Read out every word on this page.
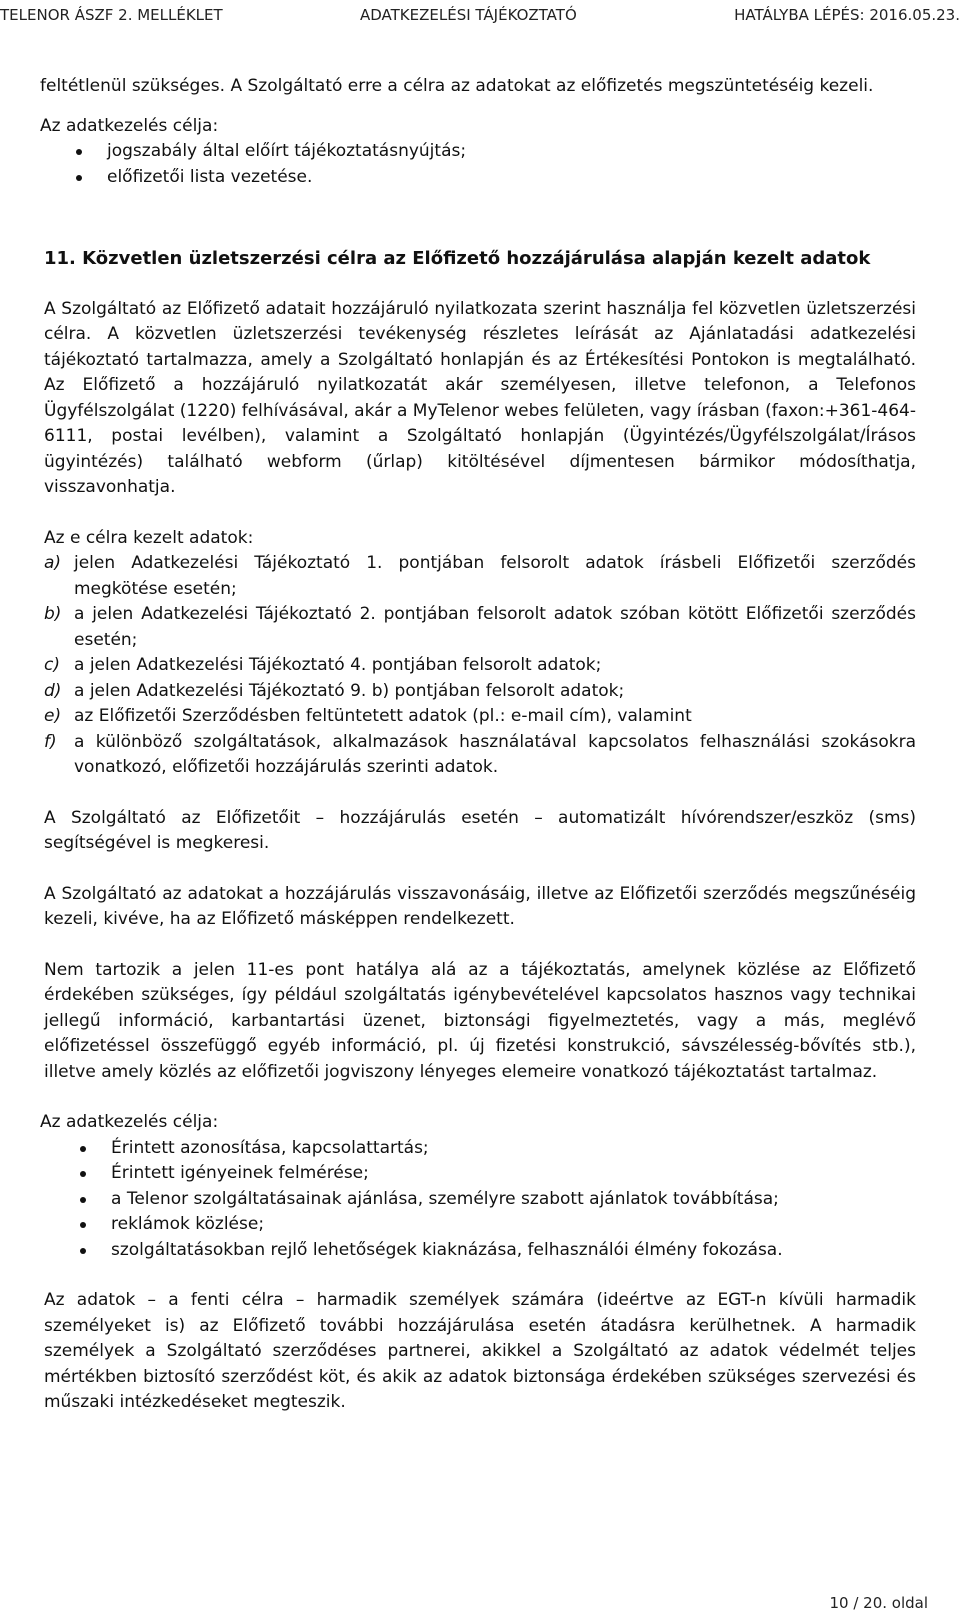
TELENOR ÁSZF 2. MELLÉKLET	ADATKEZELÉSI TÁJÉKOZTATÓ	HATÁLYBA LÉPÉS: 2016.05.23.

feltétlenül szükséges. A Szolgáltató erre a célra az adatokat az előfizetés megszüntetéséig kezeli.

Az adatkezelés célja:

jogszabály által előírt tájékoztatásnyújtás;
előfizetői lista vezetése.

11. Közvetlen üzletszerzési célra az Előfizető hozzájárulása alapján kezelt adatok

A Szolgáltató az Előfizető adatait hozzájáruló nyilatkozata szerint használja fel közvetlen üzletszerzési célra. A közvetlen üzletszerzési tevékenység részletes leírását az Ajánlatadási adatkezelési tájékoztató tartalmazza, amely a Szolgáltató honlapján és az Értékesítési Pontokon is megtalálható. Az Előfizető a hozzájáruló nyilatkozatát akár személyesen, illetve telefonon, a Telefonos Ügyfélszolgálat (1220) felhívásával, akár a MyTelenor webes felületen, vagy írásban (faxon:+361-464-6111, postai levélben), valamint a Szolgáltató honlapján (Ügyintézés/Ügyfélszolgálat/Írásos ügyintézés) található webform (űrlap) kitöltésével díjmentesen bármikor módosíthatja, visszavonhatja.

Az e célra kezelt adatok:

a) jelen Adatkezelési Tájékoztató 1. pontjában felsorolt adatok írásbeli Előfizetői szerződés megkötése esetén;
b) a jelen Adatkezelési Tájékoztató 2. pontjában felsorolt adatok szóban kötött Előfizetői szerződés esetén;
c) a jelen Adatkezelési Tájékoztató 4. pontjában felsorolt adatok;
d) a jelen Adatkezelési Tájékoztató 9. b) pontjában felsorolt adatok;
e) az Előfizetői Szerződésben feltüntetett adatok (pl.: e-mail cím), valamint
f) a különböző szolgáltatások, alkalmazások használatával kapcsolatos felhasználási szokásokra vonatkozó, előfizetői hozzájárulás szerinti adatok.

A Szolgáltató az Előfizetőit – hozzájárulás esetén – automatizált hívórendszer/eszköz (sms) segítségével is megkeresi.

A Szolgáltató az adatokat a hozzájárulás visszavonásáig, illetve az Előfizetői szerződés megszűnéséig kezeli, kivéve, ha az Előfizető másképpen rendelkezett.

Nem tartozik a jelen 11-es pont hatálya alá az a tájékoztatás, amelynek közlése az Előfizető érdekében szükséges, így például szolgáltatás igénybevételével kapcsolatos hasznos vagy technikai jellegű információ, karbantartási üzenet, biztonsági figyelmeztetés, vagy a más, meglévő előfizetéssel összefüggő egyéb információ, pl. új fizetési konstrukció, sávszélesség-bővítés stb.), illetve amely közlés az előfizetői jogviszony lényeges elemeire vonatkozó tájékoztatást tartalmaz.

Az adatkezelés célja:

Érintett azonosítása, kapcsolattartás;
Érintett igényeinek felmérése;
a Telenor szolgáltatásainak ajánlása, személyre szabott ajánlatok továbbítása;
reklámok közlése;
szolgáltatásokban rejlő lehetőségek kiaknázása, felhasználói élmény fokozása.

Az adatok – a fenti célra – harmadik személyek számára (ideértve az EGT-n kívüli harmadik személyeket is) az Előfizető további hozzájárulása esetén átadásra kerülhetnek. A harmadik személyek a Szolgáltató szerződéses partnerei, akikkel a Szolgáltató az adatok védelmét teljes mértékben biztosító szerződést köt, és akik az adatok biztonsága érdekében szükséges szervezési és műszaki intézkedéseket megteszik.

10 / 20. oldal
